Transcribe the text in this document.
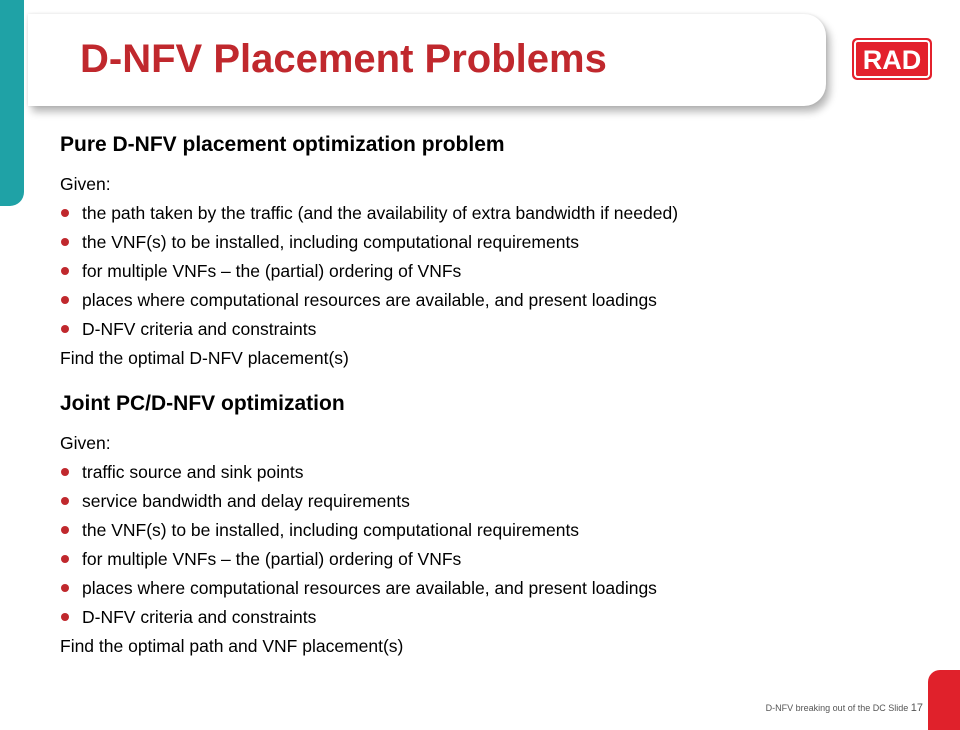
D-NFV Placement Problems	RAD
Pure D-NFV placement optimization problem

Given:

the path taken by the traffic (and the availability of extra bandwidth if needed)
the VNF(s) to be installed, including computational requirements
for multiple VNFs – the (partial) ordering of VNFs
places where computational resources are available, and present loadings
D-NFV criteria and constraints

Find the optimal D-NFV placement(s)

Joint PC/D-NFV optimization

Given:

traffic source and sink points
service bandwidth and delay requirements
the VNF(s) to be installed, including computational requirements
for multiple VNFs – the (partial) ordering of VNFs
places where computational resources are available, and present loadings
D-NFV criteria and constraints

Find the optimal path and VNF placement(s)

D-NFV breaking out of the DC Slide 17
